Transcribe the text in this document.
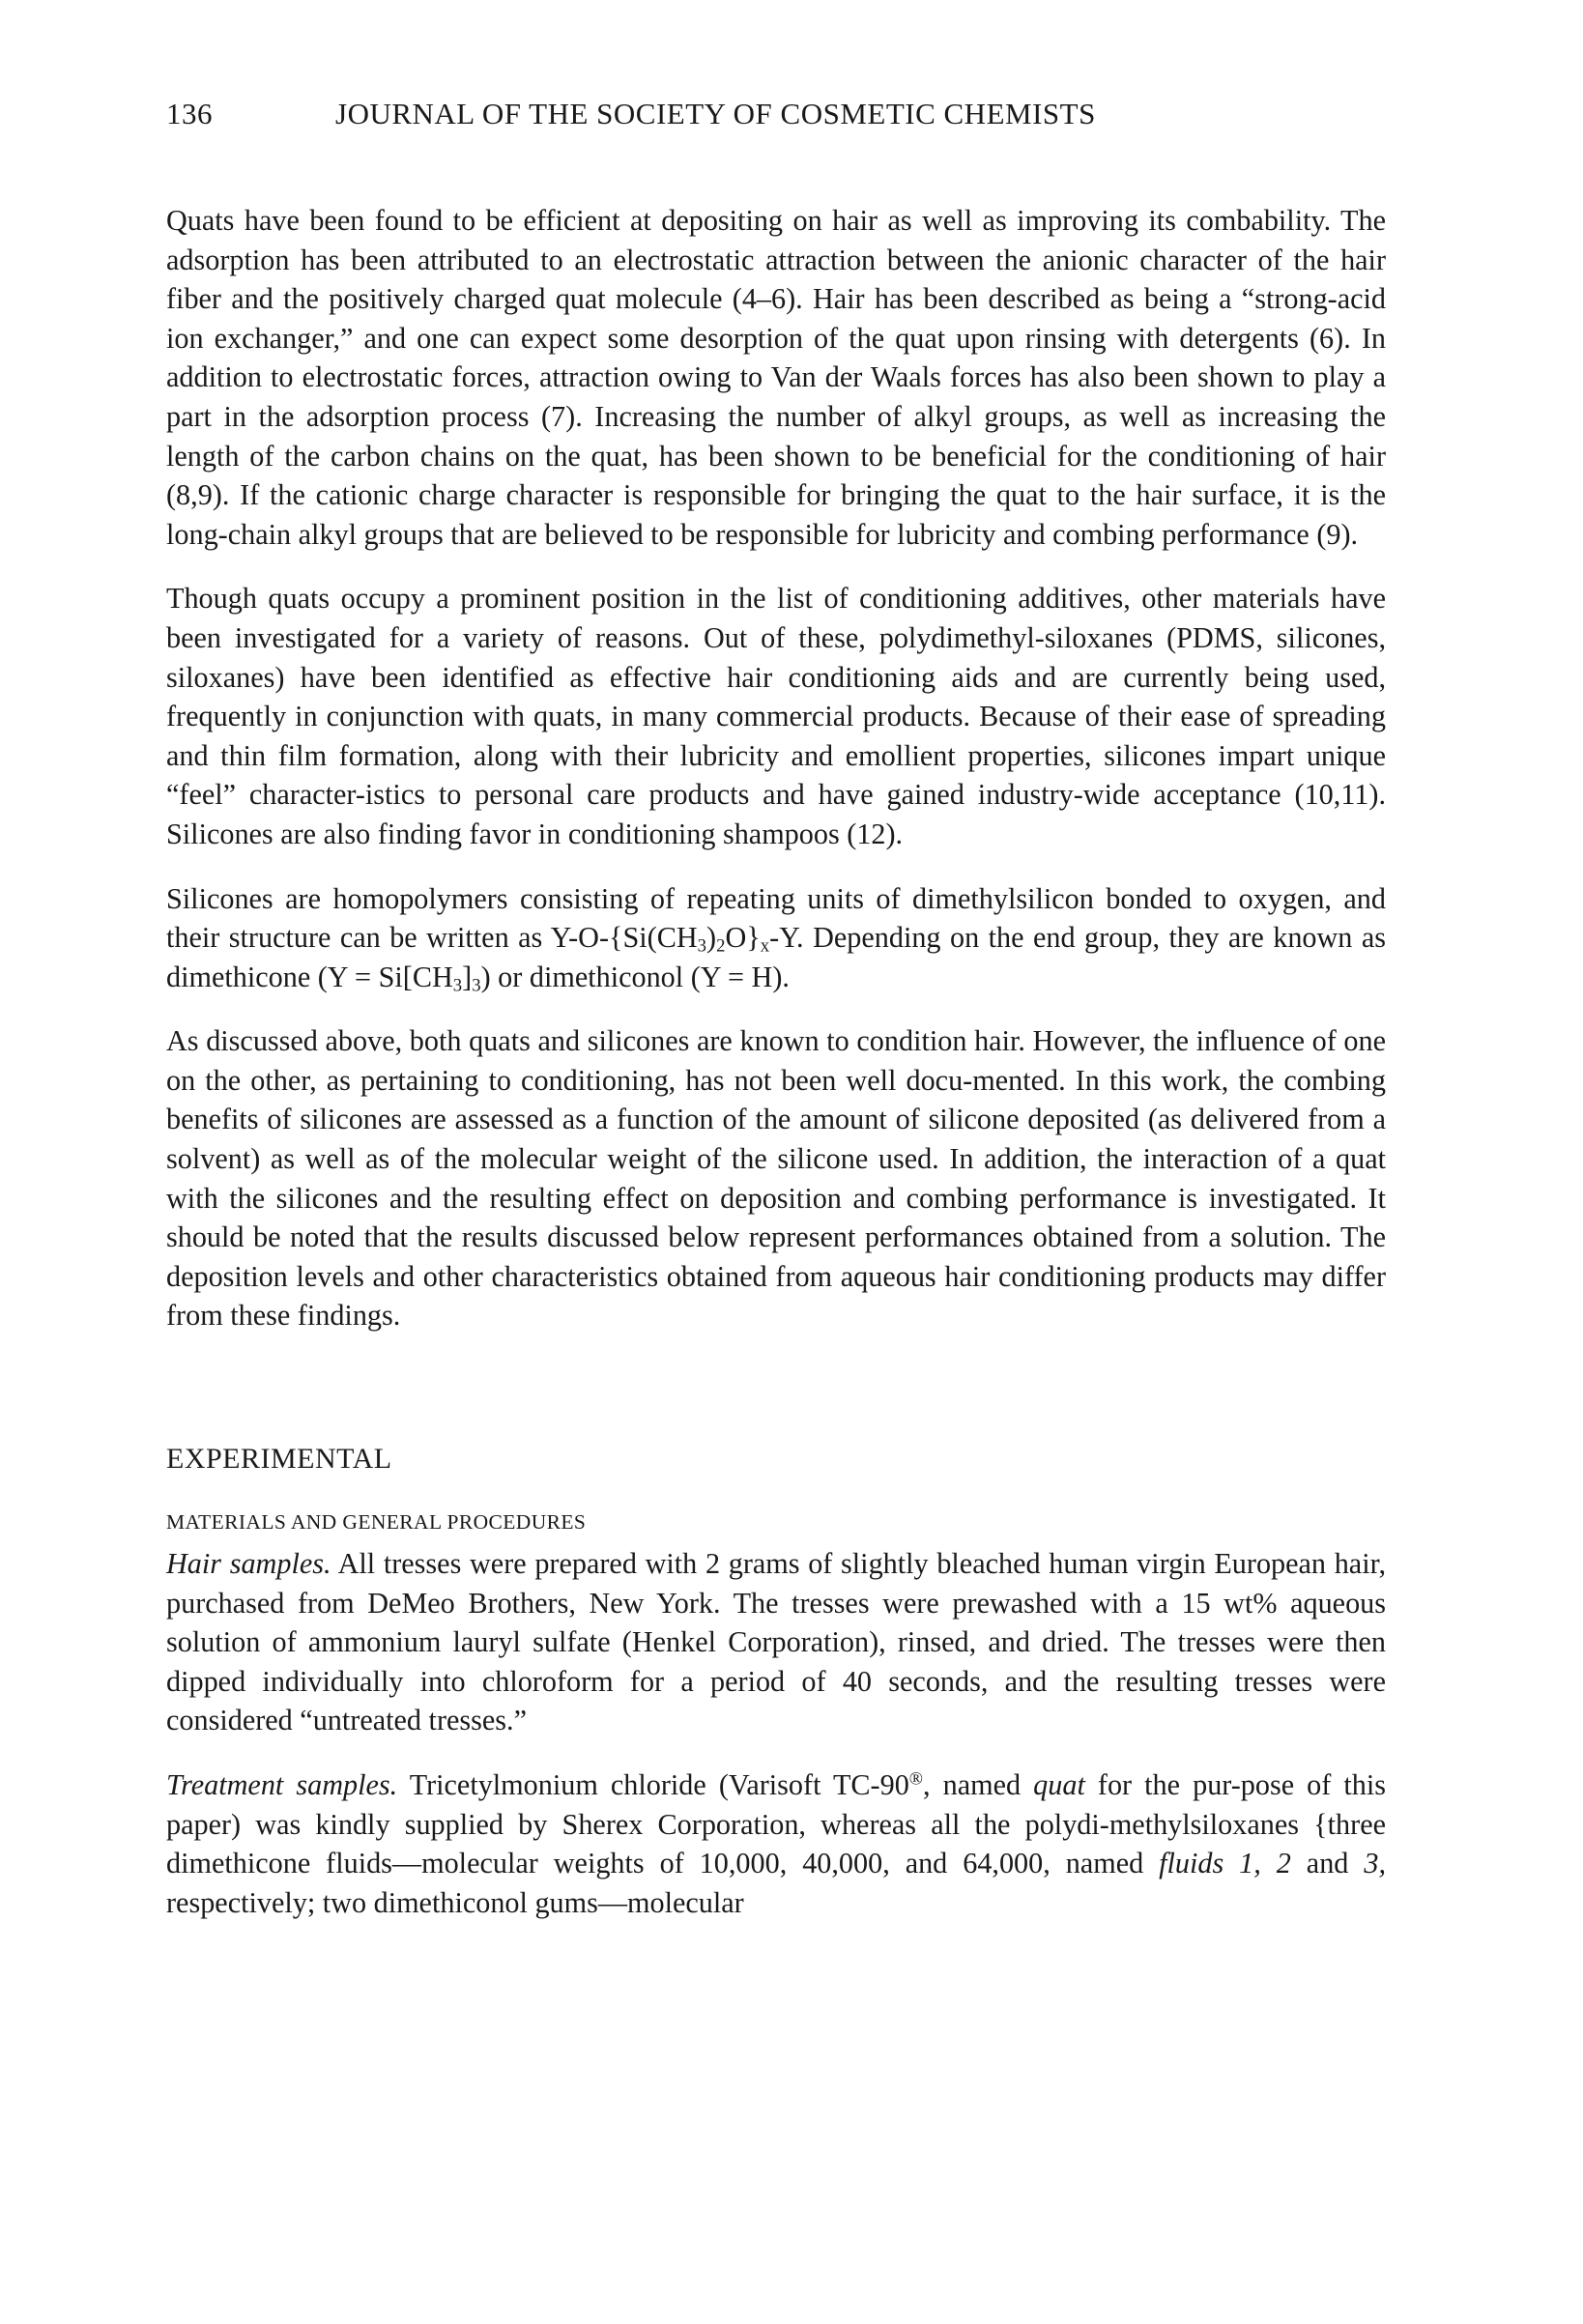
136	JOURNAL OF THE SOCIETY OF COSMETIC CHEMISTS

Quats have been found to be efficient at depositing on hair as well as improving its combability. The adsorption has been attributed to an electrostatic attraction between the anionic character of the hair fiber and the positively charged quat molecule (4–6). Hair has been described as being a “strong-acid ion exchanger,” and one can expect some desorption of the quat upon rinsing with detergents (6). In addition to electrostatic forces, attraction owing to Van der Waals forces has also been shown to play a part in the adsorption process (7). Increasing the number of alkyl groups, as well as increasing the length of the carbon chains on the quat, has been shown to be beneficial for the conditioning of hair (8,9). If the cationic charge character is responsible for bringing the quat to the hair surface, it is the long-chain alkyl groups that are believed to be responsible for lubricity and combing performance (9).

Though quats occupy a prominent position in the list of conditioning additives, other materials have been investigated for a variety of reasons. Out of these, polydimethyl-siloxanes (PDMS, silicones, siloxanes) have been identified as effective hair conditioning aids and are currently being used, frequently in conjunction with quats, in many commercial products. Because of their ease of spreading and thin film formation, along with their lubricity and emollient properties, silicones impart unique “feel” character-istics to personal care products and have gained industry-wide acceptance (10,11). Silicones are also finding favor in conditioning shampoos (12).

Silicones are homopolymers consisting of repeating units of dimethylsilicon bonded to oxygen, and their structure can be written as $Y-O-\{Si(CH_3)_2O\}_x-Y$. Depending on the end group, they are known as dimethicone $(Y = Si[CH_3]_3)$ or dimethiconol (Y = H).

As discussed above, both quats and silicones are known to condition hair. However, the influence of one on the other, as pertaining to conditioning, has not been well docu-mented. In this work, the combing benefits of silicones are assessed as a function of the amount of silicone deposited (as delivered from a solvent) as well as of the molecular weight of the silicone used. In addition, the interaction of a quat with the silicones and the resulting effect on deposition and combing performance is investigated. It should be noted that the results discussed below represent performances obtained from a solution. The deposition levels and other characteristics obtained from aqueous hair conditioning products may differ from these findings.

EXPERIMENTAL
MATERIALS AND GENERAL PROCEDURES

Hair samples. All tresses were prepared with 2 grams of slightly bleached human virgin European hair, purchased from DeMeo Brothers, New York. The tresses were prewashed with a 15 wt% aqueous solution of ammonium lauryl sulfate (Henkel Corporation), rinsed, and dried. The tresses were then dipped individually into chloroform for a period of 40 seconds, and the resulting tresses were considered “untreated tresses.”

Treatment samples. Tricetylmonium chloride (Varisoft TC-90®, named quat for the pur-pose of this paper) was kindly supplied by Sherex Corporation, whereas all the polydi-methylsiloxanes {three dimethicone fluids—molecular weights of 10,000, 40,000, and 64,000, named fluids 1, 2 and 3, respectively; two dimethiconol gums—molecular
